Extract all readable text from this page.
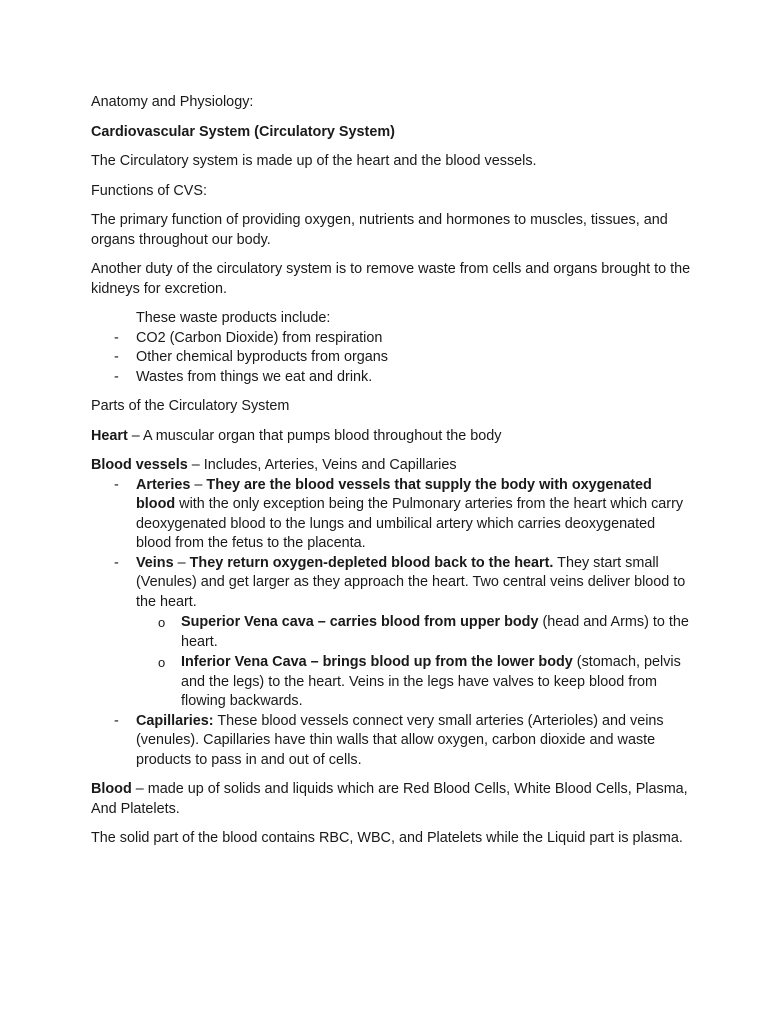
Anatomy and Physiology:

Cardiovascular System (Circulatory System)

The Circulatory system is made up of the heart and the blood vessels.

Functions of CVS:

The primary function of providing oxygen, nutrients and hormones to muscles, tissues, and organs throughout our body.

Another duty of the circulatory system is to remove waste from cells and organs brought to the kidneys for excretion.

These waste products include:

- CO2 (Carbon Dioxide) from respiration
- Other chemical byproducts from organs
- Wastes from things we eat and drink.

Parts of the Circulatory System

Heart – A muscular organ that pumps blood throughout the body

Blood vessels – Includes, Arteries, Veins and Capillaries

- Arteries – They are the blood vessels that supply the body with oxygenated blood with the only exception being the Pulmonary arteries from the heart which carry deoxygenated blood to the lungs and umbilical artery which carries deoxygenated blood from the fetus to the placenta.
- Veins – They return oxygen-depleted blood back to the heart. They start small (Venules) and get larger as they approach the heart. Two central veins deliver blood to the heart.
o Superior Vena cava – carries blood from upper body (head and Arms) to the heart.
o Inferior Vena Cava – brings blood up from the lower body (stomach, pelvis and the legs) to the heart. Veins in the legs have valves to keep blood from flowing backwards.
- Capillaries: These blood vessels connect very small arteries (Arterioles) and veins (venules). Capillaries have thin walls that allow oxygen, carbon dioxide and waste products to pass in and out of cells.

Blood – made up of solids and liquids which are Red Blood Cells, White Blood Cells, Plasma, And Platelets.

The solid part of the blood contains RBC, WBC, and Platelets while the Liquid part is plasma.
